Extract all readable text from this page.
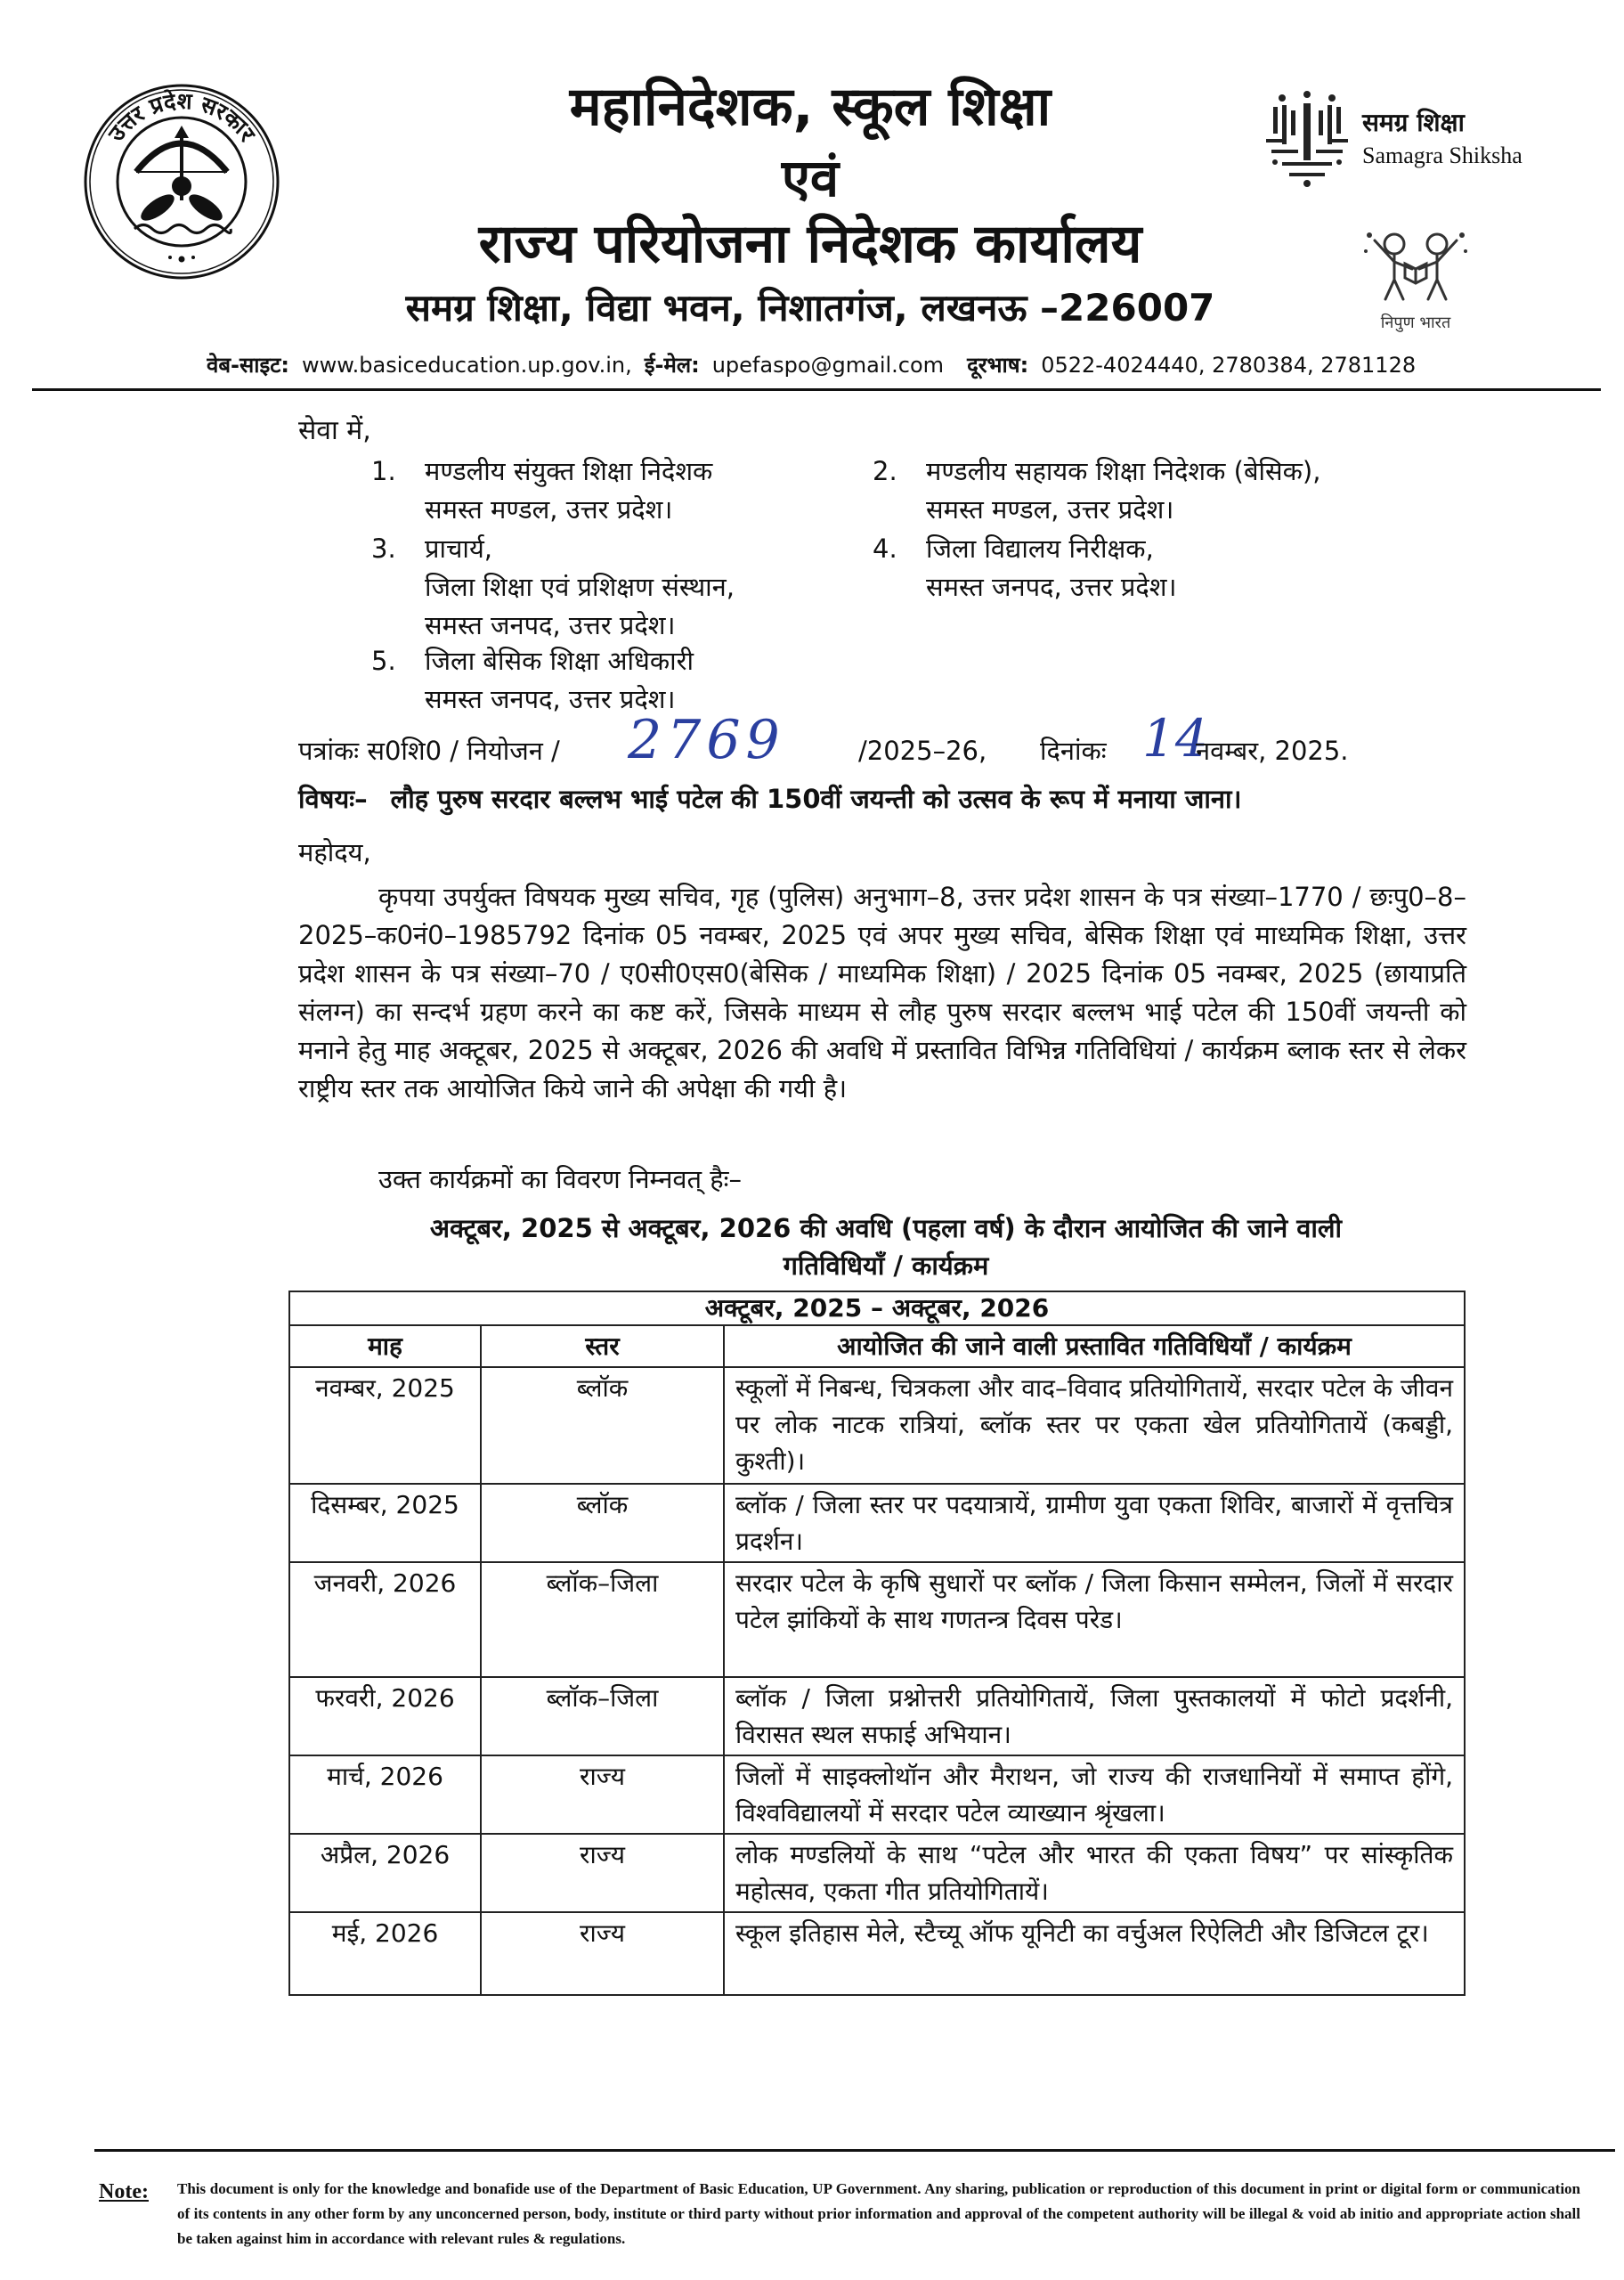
उत्तर प्रदेश सरकार	महानिदेशक, स्कूल शिक्षा
एवं
राज्य परियोजना निदेशक कार्यालय
समग्र शिक्षा, विद्या भवन, निशातगंज, लखनऊ –226007
वेब-साइट: www.basiceducation.up.gov.in, ई-मेल: upefaspo@gmail.com दूरभाष: 0522-4024440, 2780384, 2781128
समग्र शिक्षा
Samagra Shiksha
निपुण भारत
सेवा में,
1. मण्डलीय संयुक्त शिक्षा निदेशक
समस्त मण्डल, उत्तर प्रदेश।
2. मण्डलीय सहायक शिक्षा निदेशक (बेसिक),
समस्त मण्डल, उत्तर प्रदेश।
3. प्राचार्य,
जिला शिक्षा एवं प्रशिक्षण संस्थान,
समस्त जनपद, उत्तर प्रदेश।
4. जिला विद्यालय निरीक्षक,
समस्त जनपद, उत्तर प्रदेश।
5. जिला बेसिक शिक्षा अधिकारी
समस्त जनपद, उत्तर प्रदेश।
पत्रांकः स0शि0 / नियोजन / 2769	/2025–26, दिनांकः 14
नवम्बर, 2025.
विषयः– लौह पुरुष सरदार बल्लभ भाई पटेल की 150वीं जयन्ती को उत्सव के रूप में मनाया जाना।
महोदय,
कृपया उपर्युक्त विषयक मुख्य सचिव, गृह (पुलिस) अनुभाग–8, उत्तर प्रदेश शासन के पत्र संख्या–1770 / छःपु0–8–2025–क0नं0–1985792 दिनांक 05 नवम्बर, 2025 एवं अपर मुख्य सचिव, बेसिक शिक्षा एवं माध्यमिक शिक्षा, उत्तर प्रदेश शासन के पत्र संख्या–70 / ए0सी0एस0(बेसिक / माध्यमिक शिक्षा) / 2025 दिनांक 05 नवम्बर, 2025 (छायाप्रति संलग्न) का सन्दर्भ ग्रहण करने का कष्ट करें, जिसके माध्यम से लौह पुरुष सरदार बल्लभ भाई पटेल की 150वीं जयन्ती को मनाने हेतु माह अक्टूबर, 2025 से अक्टूबर, 2026 की अवधि में प्रस्तावित विभिन्न गतिविधियां / कार्यक्रम ब्लाक स्तर से लेकर राष्ट्रीय स्तर तक आयोजित किये जाने की अपेक्षा की गयी है।
उक्त कार्यक्रमों का विवरण निम्नवत् हैः–
अक्टूबर, 2025 से अक्टूबर, 2026 की अवधि (पहला वर्ष) के दौरान आयोजित की जाने वाली
गतिविधियाँ / कार्यक्रम
अक्टूबर, 2025 – अक्टूबर, 2026		
माह	स्तर	आयोजित की जाने वाली प्रस्तावित गतिविधियाँ / कार्यक्रम
नवम्बर, 2025	ब्लॉक	स्कूलों में निबन्ध, चित्रकला और वाद–विवाद प्रतियोगितायें, सरदार पटेल के जीवन पर लोक नाटक रात्रियां, ब्लॉक स्तर पर एकता खेल प्रतियोगितायें (कबड्डी, कुश्ती)।
दिसम्बर, 2025	ब्लॉक	ब्लॉक / जिला स्तर पर पदयात्रायें, ग्रामीण युवा एकता शिविर, बाजारों में वृत्तचित्र प्रदर्शन।
जनवरी, 2026	ब्लॉक–जिला	सरदार पटेल के कृषि सुधारों पर ब्लॉक / जिला किसान सम्मेलन, जिलों में सरदार पटेल झांकियों के साथ गणतन्त्र दिवस परेड।
फरवरी, 2026	ब्लॉक–जिला	ब्लॉक / जिला प्रश्नोत्तरी प्रतियोगितायें, जिला पुस्तकालयों में फोटो प्रदर्शनी, विरासत स्थल सफाई अभियान।
मार्च, 2026	राज्य	जिलों में साइक्लोथॉन और मैराथन, जो राज्य की राजधानियों में समाप्त होंगे, विश्वविद्यालयों में सरदार पटेल व्याख्यान श्रृंखला।
अप्रैल, 2026	राज्य	लोक मण्डलियों के साथ “पटेल और भारत की एकता विषय” पर सांस्कृतिक महोत्सव, एकता गीत प्रतियोगितायें।
मई, 2026	राज्य	स्कूल इतिहास मेले, स्टैच्यू ऑफ यूनिटी का वर्चुअल रिऐलिटी और डिजिटल टूर।
Note: This document is only for the knowledge and bonafide use of the Department of Basic Education, UP Government. Any sharing, publication or reproduction of this document in print or digital form or communication of its contents in any other form by any unconcerned person, body, institute or third party without prior information and approval of the competent authority will be illegal & void ab initio and appropriate action shall be taken against him in accordance with relevant rules & regulations.
